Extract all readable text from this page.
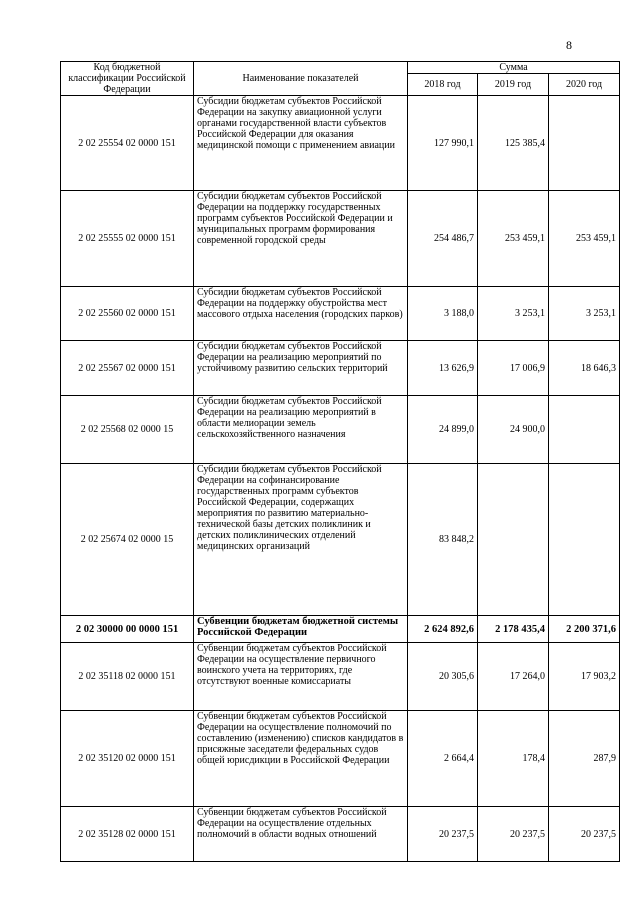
8
Код бюджетной классификации Российской Федерации	Наименование показателей	Сумма		
		2018 год	2019 год	2020 год
2 02 25554 02 0000 151	Субсидии бюджетам субъектов Российской Федерации на закупку авиационной услуги органами государственной власти субъектов Российской Федерации для оказания медицинской помощи с применением авиации	127 990,1	125 385,4	
2 02 25555 02 0000 151	Субсидии бюджетам субъектов Российской Федерации на поддержку государственных программ субъектов Российской Федерации и муниципальных программ формирования современной городской среды	254 486,7	253 459,1	253 459,1
2 02 25560 02 0000 151	Субсидии бюджетам субъектов Российской Федерации на поддержку обустройства мест массового отдыха населения (городских парков)	3 188,0	3 253,1	3 253,1
2 02 25567 02 0000 151	Субсидии бюджетам субъектов Российской Федерации на реализацию мероприятий по устойчивому развитию сельских территорий	13 626,9	17 006,9	18 646,3
2 02 25568 02 0000 15	Субсидии бюджетам субъектов Российской Федерации на реализацию мероприятий в области мелиорации земель сельскохозяйственного назначения	24 899,0	24 900,0	
2 02 25674 02 0000 15	Субсидии бюджетам субъектов Российской Федерации на софинансирование государственных программ субъектов Российской Федерации, содержащих мероприятия по развитию материально-технической базы детских поликлиник и детских поликлинических отделений медицинских организаций	83 848,2		
2 02 30000 00 0000 151	Субвенции бюджетам бюджетной системы Российской Федерации	2 624 892,6	2 178 435,4	2 200 371,6
2 02 35118 02 0000 151	Субвенции бюджетам субъектов Российской Федерации на осуществление первичного воинского учета на территориях, где отсутствуют военные комиссариаты	20 305,6	17 264,0	17 903,2
2 02 35120 02 0000 151	Субвенции бюджетам субъектов Российской Федерации на осуществление полномочий по составлению (изменению) списков кандидатов в присяжные заседатели федеральных судов общей юрисдикции в Российской Федерации	2 664,4	178,4	287,9
2 02 35128 02 0000 151	Субвенции бюджетам субъектов Российской Федерации на осуществление отдельных полномочий в области водных отношений	20 237,5	20 237,5	20 237,5
